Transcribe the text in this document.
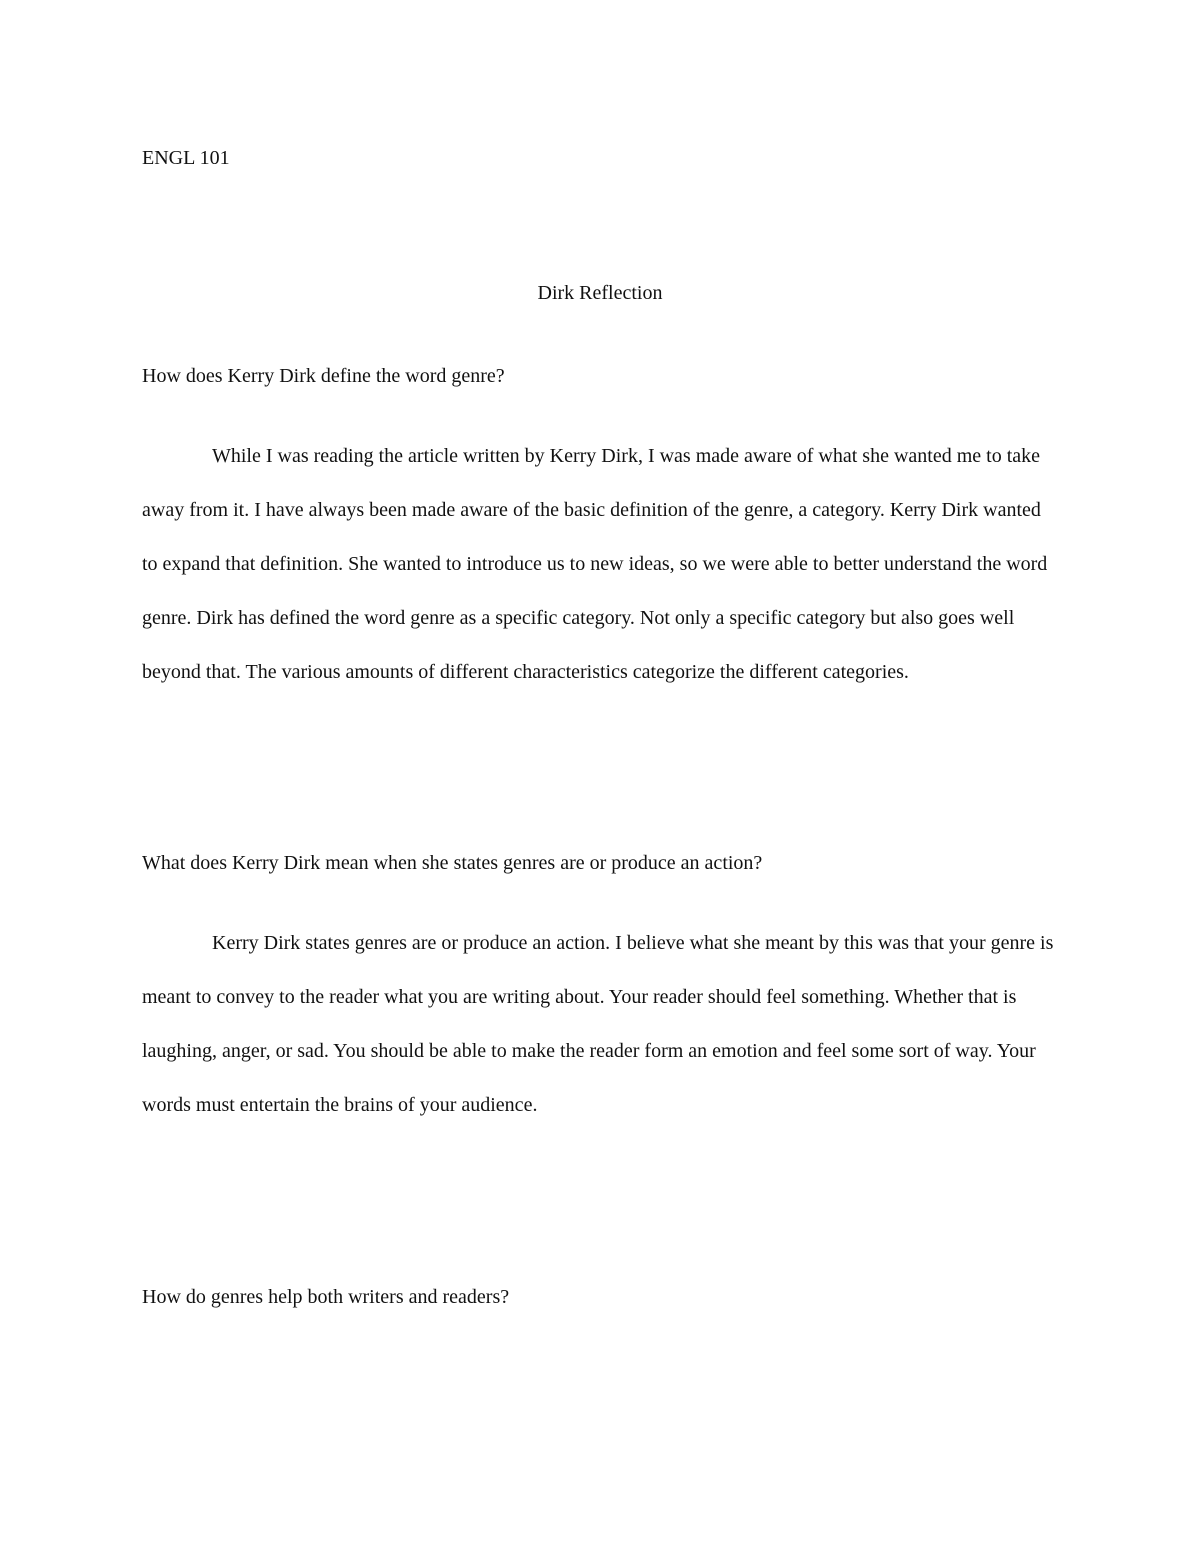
ENGL 101
Dirk Reflection
How does Kerry Dirk define the word genre?

While I was reading the article written by Kerry Dirk, I was made aware of what she wanted me to take away from it. I have always been made aware of the basic definition of the genre, a category. Kerry Dirk wanted to expand that definition. She wanted to introduce us to new ideas, so we were able to better understand the word genre. Dirk has defined the word genre as a specific category. Not only a specific category but also goes well beyond that. The various amounts of different characteristics categorize the different categories.

What does Kerry Dirk mean when she states genres are or produce an action?

Kerry Dirk states genres are or produce an action. I believe what she meant by this was that your genre is meant to convey to the reader what you are writing about. Your reader should feel something. Whether that is laughing, anger, or sad. You should be able to make the reader form an emotion and feel some sort of way. Your words must entertain the brains of your audience.

How do genres help both writers and readers?
